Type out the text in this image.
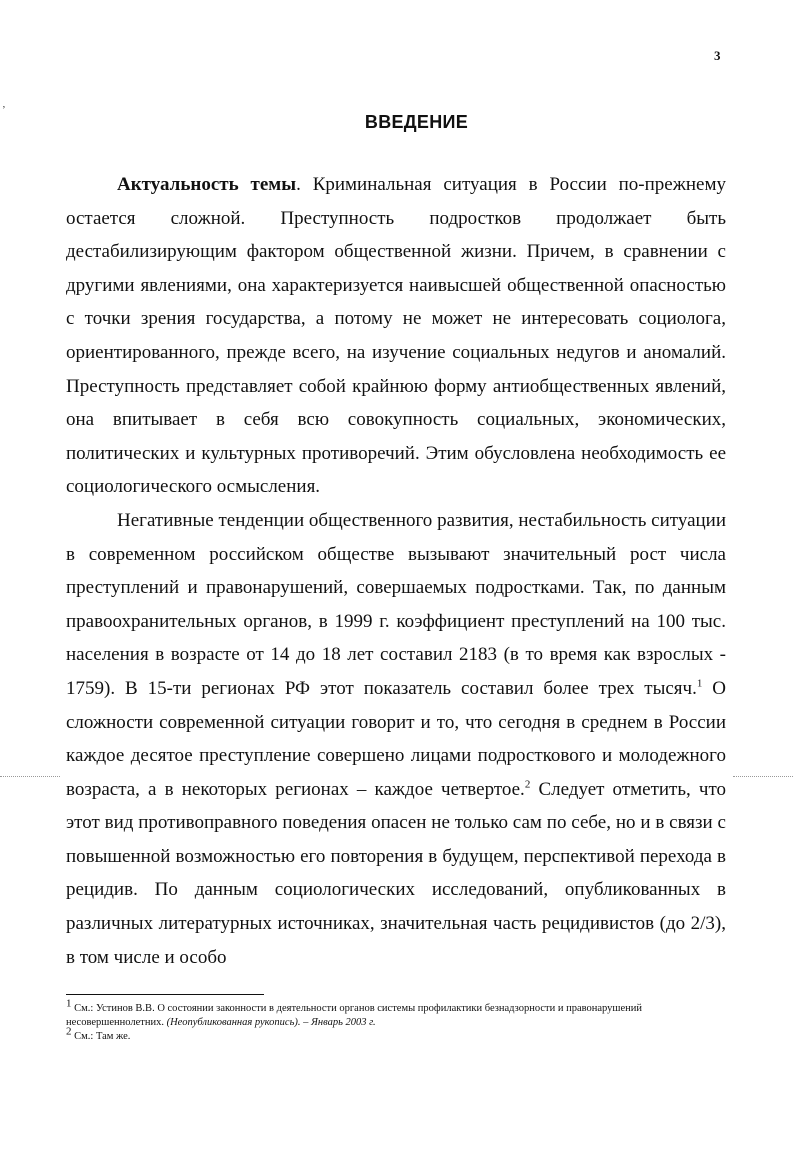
ʼ
3
ВВЕДЕНИЕ

Актуальность темы. Криминальная ситуация в России по-прежнему остается сложной. Преступность подростков продолжает быть дестабилизирующим фактором общественной жизни. Причем, в сравнении с другими явлениями, она характеризуется наивысшей общественной опасностью с точки зрения государства, а потому не может не интересовать социолога, ориентированного, прежде всего, на изучение социальных недугов и аномалий. Преступность представляет собой крайнюю форму антиобщественных явлений, она впитывает в себя всю совокупность социальных, экономических, политических и культурных противоречий. Этим обусловлена необходимость ее социологического осмысления.

Негативные тенденции общественного развития, нестабильность ситуации в современном российском обществе вызывают значительный рост числа преступлений и правонарушений, совершаемых подростками. Так, по данным правоохранительных органов, в 1999 г. коэффициент преступлений на 100 тыс. населения в возрасте от 14 до 18 лет составил 2183 (в то время как взрослых - 1759). В 15-ти регионах РФ этот показатель составил более трех тысяч.$^1$ О сложности современной ситуации говорит и то, что сегодня в среднем в России каждое десятое преступление совершено лицами подросткового и молодежного возраста, а в некоторых регионах – каждое четвертое.$^2$ Следует отметить, что этот вид противоправного поведения опасен не только сам по себе, но и в связи с повышенной возможностью его повторения в будущем, перспективой перехода в рецидив. По данным социологических исследований, опубликованных в различных литературных источниках, значительная часть рецидивистов (до 2/3), в том числе и особо

$^1$ См.: Устинов В.В. О состоянии законности в деятельности органов системы профилактики безнадзорности и правонарушений несовершеннолетних. (Неопубликованная рукопись). – Январь 2003 г.

$^2$ См.: Там же.
